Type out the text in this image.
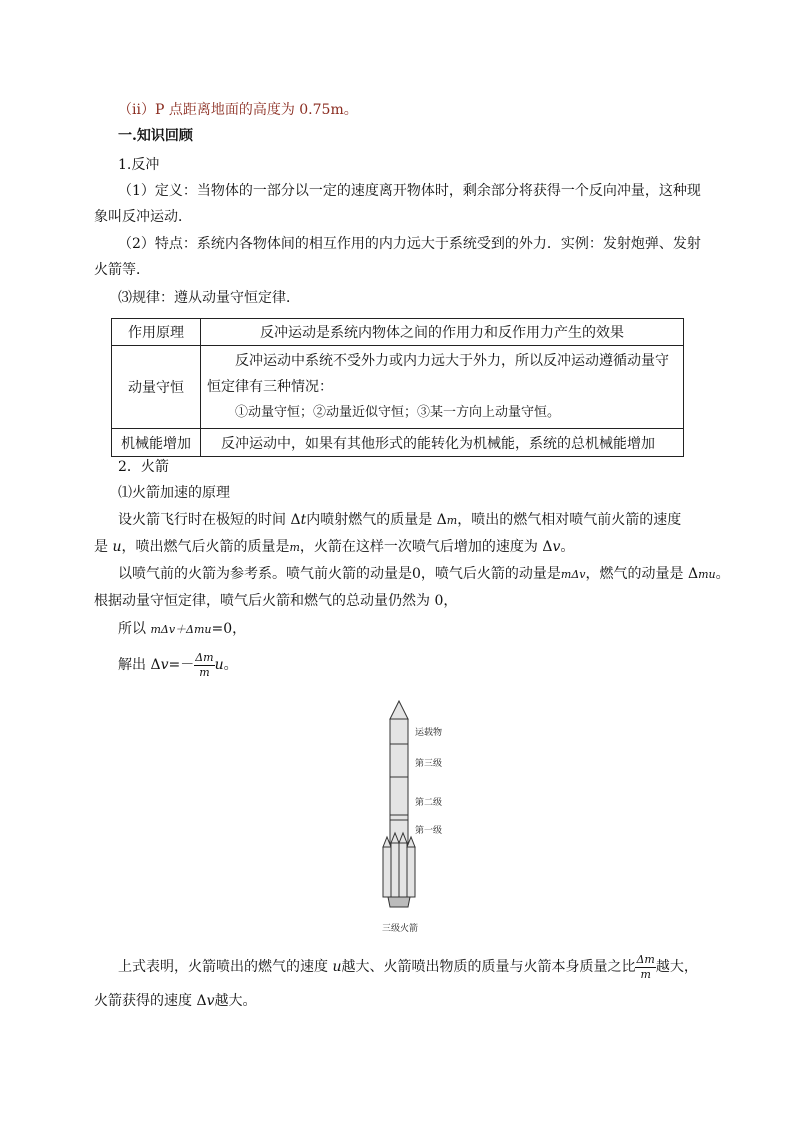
（ⅱ）P 点距离地面的高度为 0.75m。
一.知识回顾
1.反冲
（1）定义：当物体的一部分以一定的速度离开物体时，剩余部分将获得一个反向冲量，这种现
象叫反冲运动．
（2）特点：系统内各物体间的相互作用的内力远大于系统受到的外力．实例：发射炮弹、发射
火箭等．
⑶规律：遵从动量守恒定律．
作用原理	反冲运动是系统内物体之间的作用力和反作用力产生的效果
动量守恒	反冲运动中系统不受外力或内力远大于外力，所以反冲运动遵循动量守
恒定律有三种情况：
①动量守恒；②动量近似守恒；③某一方向上动量守恒。

机械能增加	反冲运动中，如果有其他形式的能转化为机械能，系统的总机械能增加
2．火箭
⑴火箭加速的原理
设火箭飞行时在极短的时间 Δt内喷射燃气的质量是 Δm，喷出的燃气相对喷气前火箭的速度
是 u，喷出燃气后火箭的质量是m，火箭在这样一次喷气后增加的速度为 Δv。
以喷气前的火箭为参考系。喷气前火箭的动量是0，喷气后火箭的动量是mΔv，燃气的动量是 Δmu。
根据动量守恒定律，喷气后火箭和燃气的总动量仍然为 0，
所以 mΔv＋Δmu=0，
解出 $\Delta v=- \frac{\Delta m}{m}$ u。
运载物
第三级
第二级
第一级
三级火箭
上式表明，火箭喷出的燃气的速度 u越大、火箭喷出物质的质量与火箭本身质量之比 $\frac{\Delta m}{m}$ 越大，
火箭获得的速度 Δv越大。
